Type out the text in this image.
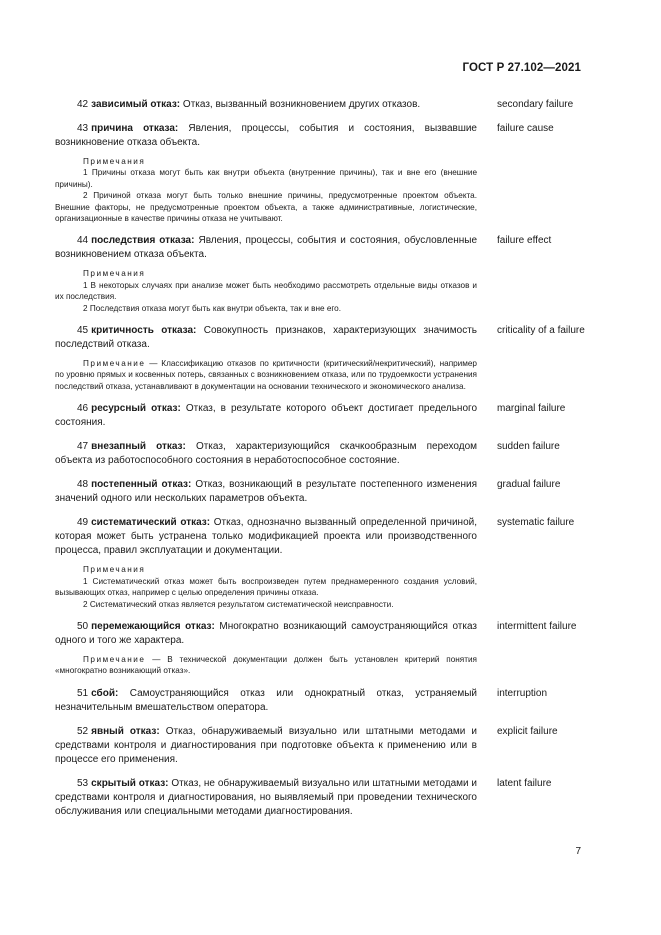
ГОСТ Р 27.102—2021
42 зависимый отказ: Отказ, вызванный возникновением других отказов.	secondary failure
43 причина отказа: Явления, процессы, события и состояния, вызвавшие возникновение отказа объекта.
Примечания
1 Причины отказа могут быть как внутри объекта (внутренние причины), так и вне его (внешние причины).
2 Причиной отказа могут быть только внешние причины, предусмотренные проектом объекта. Внешние факторы, не предусмотренные проектом объекта, а также административные, логистические, организационные в качестве причины отказа не учитывают.
failure cause
44 последствия отказа: Явления, процессы, события и состояния, обусловленные возникновением отказа объекта.
Примечания
1 В некоторых случаях при анализе может быть необходимо рассмотреть отдельные виды отказов и их последствия.
2 Последствия отказа могут быть как внутри объекта, так и вне его.
failure effect
45 критичность отказа: Совокупность признаков, характеризующих значимость последствий отказа.
Примечание — Классификацию отказов по критичности (критический/некритический), например по уровню прямых и косвенных потерь, связанных с возникновением отказа, или по трудоемкости устранения последствий отказа, устанавливают в документации на основании технического и экономического анализа.
criticality of a failure
46 ресурсный отказ: Отказ, в результате которого объект достигает предельного состояния.
marginal failure
47 внезапный отказ: Отказ, характеризующийся скачкообразным переходом объекта из работоспособного состояния в неработоспособное состояние.
sudden failure
48 постепенный отказ: Отказ, возникающий в результате постепенного изменения значений одного или нескольких параметров объекта.
gradual failure
49 систематический отказ: Отказ, однозначно вызванный определенной причиной, которая может быть устранена только модификацией проекта или производственного процесса, правил эксплуатации и документации.
Примечания
1 Систематический отказ может быть воспроизведен путем преднамеренного создания условий, вызывающих отказ, например с целью определения причины отказа.
2 Систематический отказ является результатом систематической неисправности.
systematic failure
50 перемежающийся отказ: Многократно возникающий самоустраняющийся отказ одного и того же характера.
Примечание — В технической документации должен быть установлен критерий понятия «многократно возникающий отказ».
intermittent failure
51 сбой: Самоустраняющийся отказ или однократный отказ, устраняемый незначительным вмешательством оператора.
interruption
52 явный отказ: Отказ, обнаруживаемый визуально или штатными методами и средствами контроля и диагностирования при подготовке объекта к применению или в процессе его применения.
explicit failure
53 скрытый отказ: Отказ, не обнаруживаемый визуально или штатными методами и средствами контроля и диагностирования, но выявляемый при проведении технического обслуживания или специальными методами диагностирования.
latent failure
7
